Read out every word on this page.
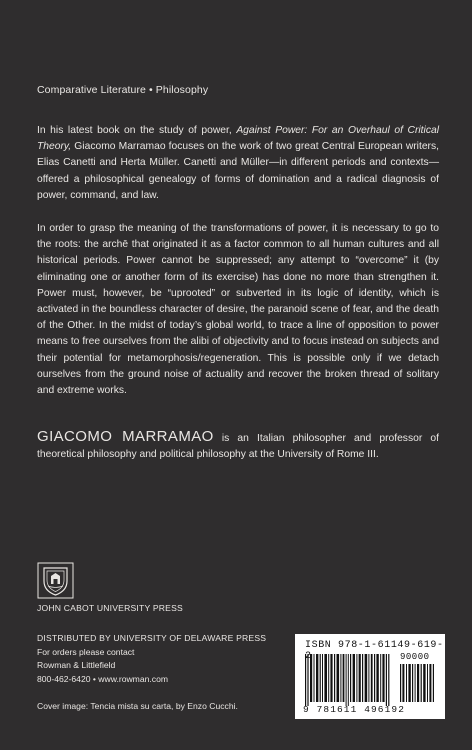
Comparative Literature • Philosophy

In his latest book on the study of power, Against Power: For an Overhaul of Critical Theory, Giacomo Marramao focuses on the work of two great Central European writers, Elias Canetti and Herta Müller. Canetti and Müller—in different periods and contexts—offered a philosophical genealogy of forms of domination and a radical diagnosis of power, command, and law.

In order to grasp the meaning of the transformations of power, it is necessary to go to the roots: the archē that originated it as a factor common to all human cultures and all historical periods. Power cannot be suppressed; any attempt to “overcome” it (by eliminating one or another form of its exercise) has done no more than strengthen it. Power must, however, be “uprooted” or subverted in its logic of identity, which is activated in the boundless character of desire, the paranoid scene of fear, and the death of the Other. In the midst of today’s global world, to trace a line of opposition to power means to free ourselves from the alibi of objectivity and to focus instead on subjects and their potential for metamorphosis/regeneration. This is possible only if we detach ourselves from the ground noise of actuality and recover the broken thread of solitary and extreme works.

GIACOMO MARRAMAO is an Italian philosopher and professor of theoretical philosophy and political philosophy at the University of Rome III.

JOHN CABOT UNIVERSITY PRESS
DISTRIBUTED BY UNIVERSITY OF DELAWARE PRESS
For orders please contact
Rowman & Littlefield
800-462-6420 • www.rowman.com
Cover image: Tencia mista su carta, by Enzo Cucchi.
ISBN 978-1-61149-619-2	90000
9 781611 496192
